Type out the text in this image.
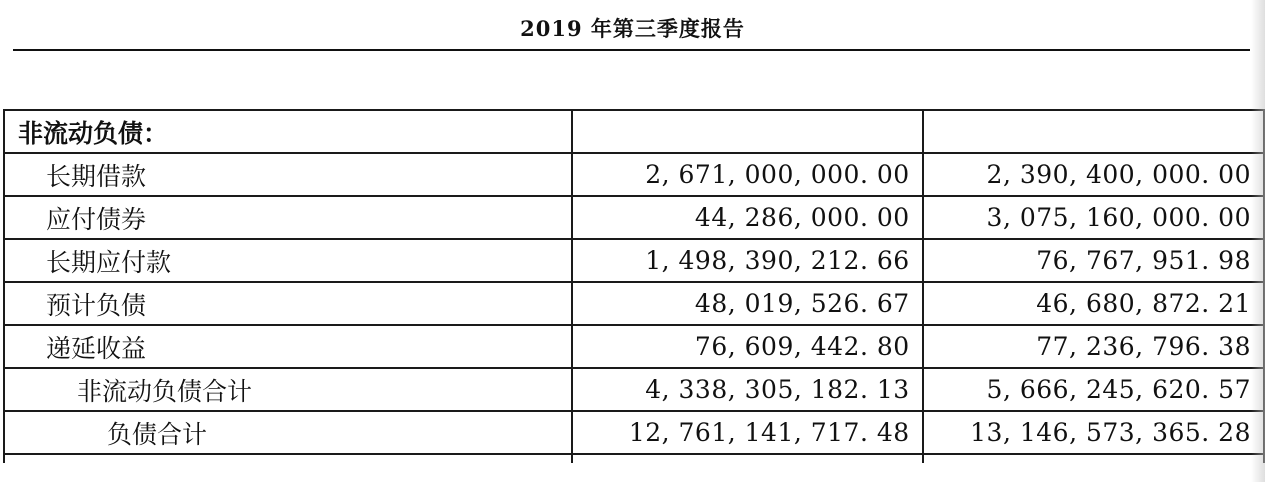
2019 年第三季度报告
非流动负债：		
长期借款	2, 671, 000, 000. 00	2, 390, 400, 000. 00
应付债券	44, 286, 000. 00	3, 075, 160, 000. 00
长期应付款	1, 498, 390, 212. 66	76, 767, 951. 98
预计负债	48, 019, 526. 67	46, 680, 872. 21
递延收益	76, 609, 442. 80	77, 236, 796. 38
非流动负债合计	4, 338, 305, 182. 13	5, 666, 245, 620. 57
负债合计	12, 761, 141, 717. 48	13, 146, 573, 365. 28
